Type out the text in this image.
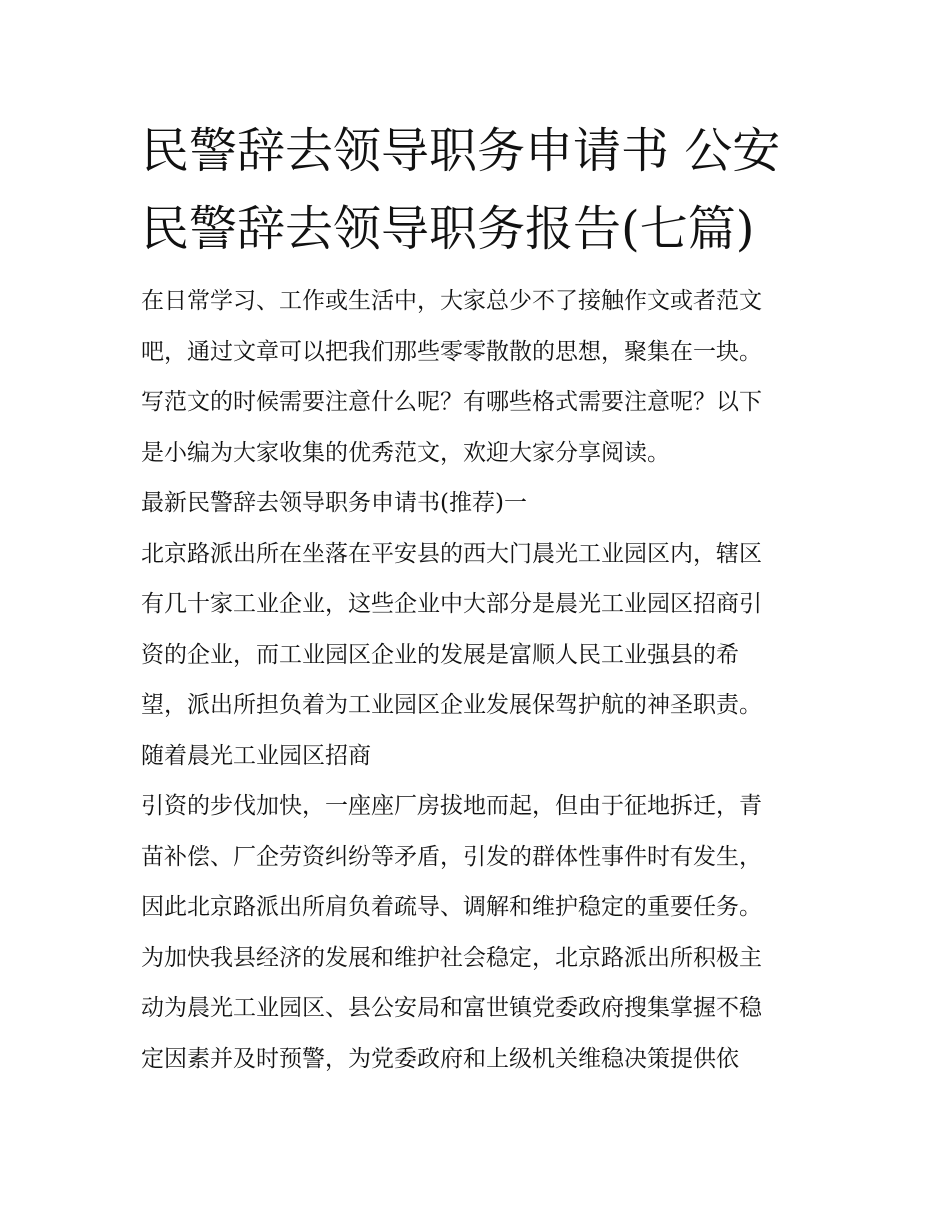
民警辞去领导职务申请书 公安
民警辞去领导职务报告(七篇)
在日常学习、工作或生活中，大家总少不了接触作文或者范文
吧，通过文章可以把我们那些零零散散的思想，聚集在一块。
写范文的时候需要注意什么呢？有哪些格式需要注意呢？以下
是小编为大家收集的优秀范文，欢迎大家分享阅读。
最新民警辞去领导职务申请书(推荐)一
北京路派出所在坐落在平安县的西大门晨光工业园区内，辖区
有几十家工业企业，这些企业中大部分是晨光工业园区招商引
资的企业，而工业园区企业的发展是富顺人民工业强县的希
望，派出所担负着为工业园区企业发展保驾护航的神圣职责。
随着晨光工业园区招商
引资的步伐加快，一座座厂房拔地而起，但由于征地拆迁，青
苗补偿、厂企劳资纠纷等矛盾，引发的群体性事件时有发生，
因此北京路派出所肩负着疏导、调解和维护稳定的重要任务。
为加快我县经济的发展和维护社会稳定，北京路派出所积极主
动为晨光工业园区、县公安局和富世镇党委政府搜集掌握不稳
定因素并及时预警，为党委政府和上级机关维稳决策提供依
